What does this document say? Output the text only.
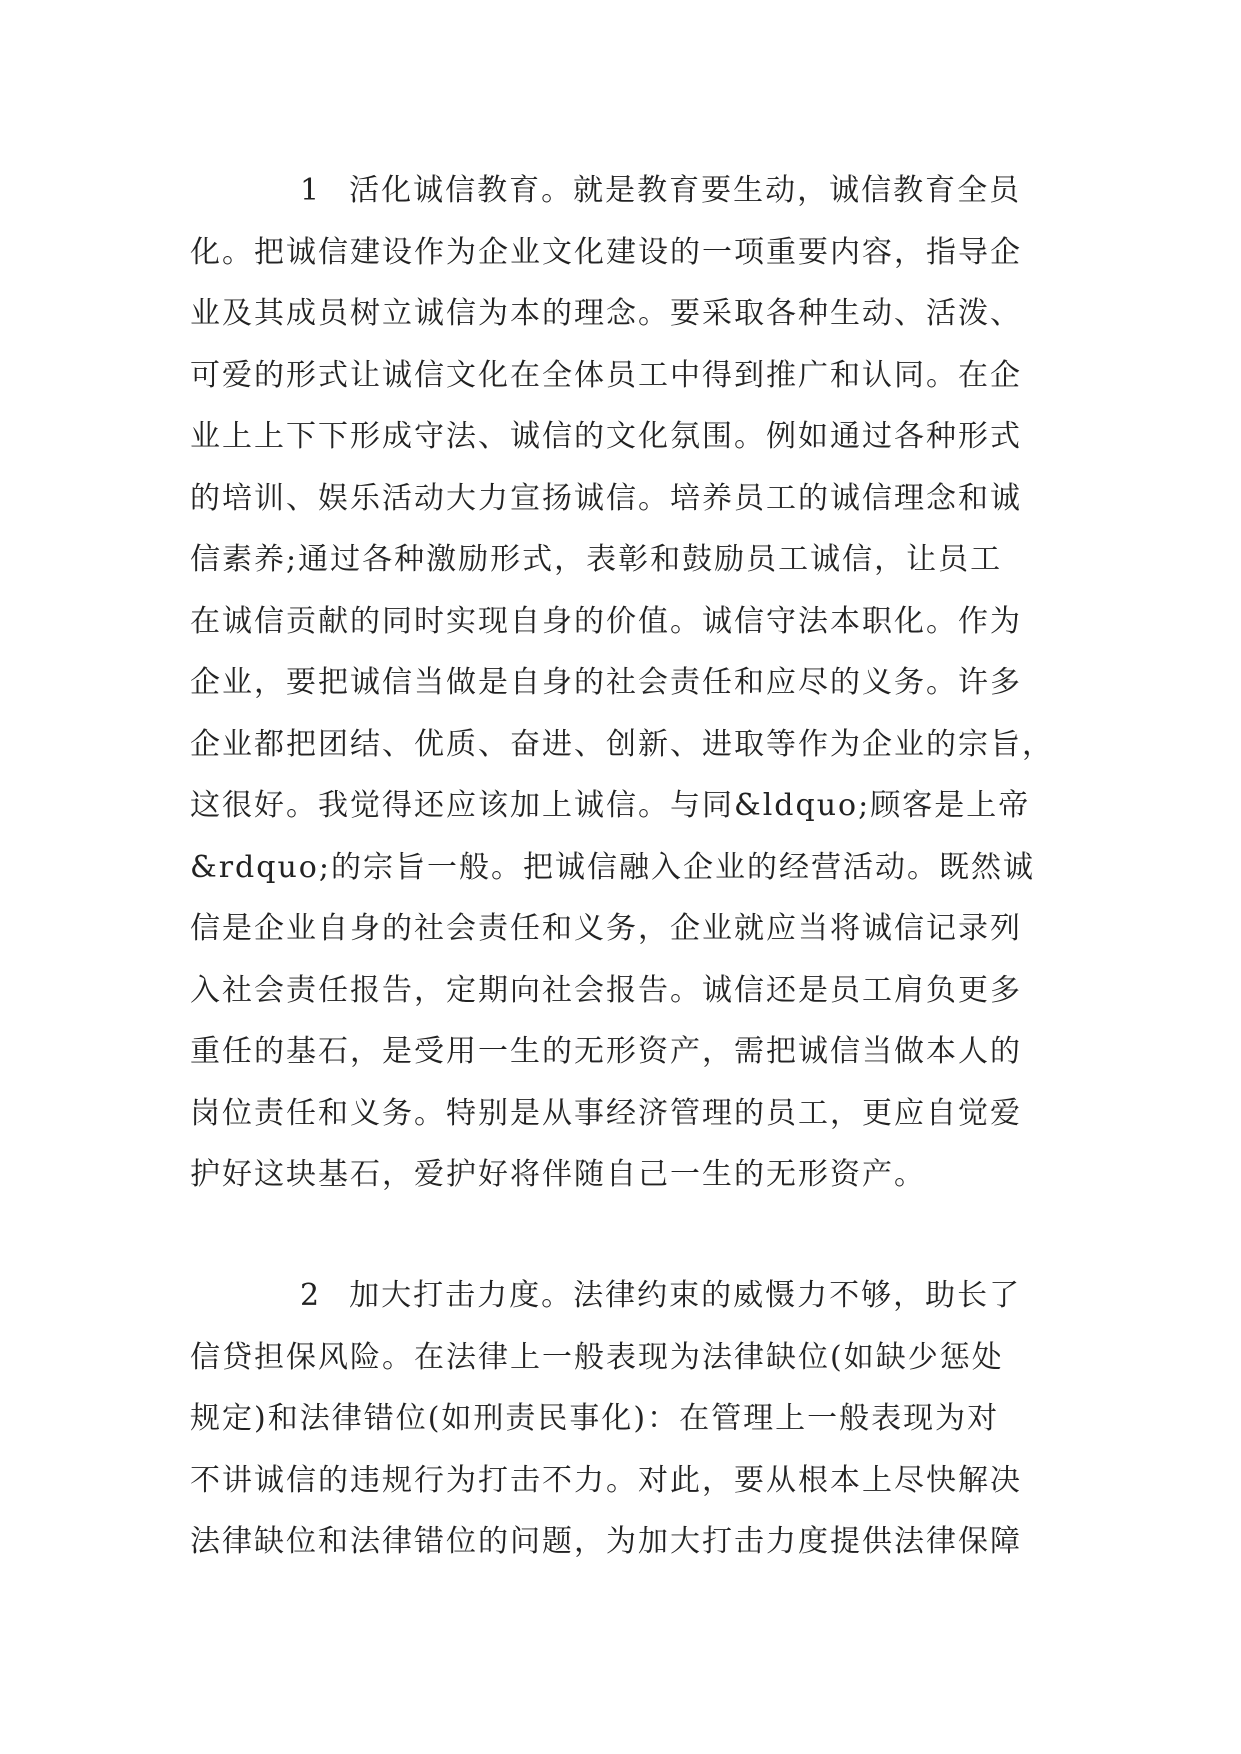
1 活化诚信教育。就是教育要生动，诚信教育全员
化。把诚信建设作为企业文化建设的一项重要内容，指导企
业及其成员树立诚信为本的理念。要采取各种生动、活泼、
可爱的形式让诚信文化在全体员工中得到推广和认同。在企
业上上下下形成守法、诚信的文化氛围。例如通过各种形式
的培训、娱乐活动大力宣扬诚信。培养员工的诚信理念和诚
信素养;通过各种激励形式，表彰和鼓励员工诚信，让员工
在诚信贡献的同时实现自身的价值。诚信守法本职化。作为
企业，要把诚信当做是自身的社会责任和应尽的义务。许多
企业都把团结、优质、奋进、创新、进取等作为企业的宗旨，
这很好。我觉得还应该加上诚信。与同&ldquo;顾客是上帝
&rdquo;的宗旨一般。把诚信融入企业的经营活动。既然诚
信是企业自身的社会责任和义务，企业就应当将诚信记录列
入社会责任报告，定期向社会报告。诚信还是员工肩负更多
重任的基石，是受用一生的无形资产，需把诚信当做本人的
岗位责任和义务。特别是从事经济管理的员工，更应自觉爱
护好这块基石，爱护好将伴随自己一生的无形资产。
2 加大打击力度。法律约束的威慑力不够，助长了
信贷担保风险。在法律上一般表现为法律缺位(如缺少惩处
规定)和法律错位(如刑责民事化)：在管理上一般表现为对
不讲诚信的违规行为打击不力。对此，要从根本上尽快解决
法律缺位和法律错位的问题，为加大打击力度提供法律保障
